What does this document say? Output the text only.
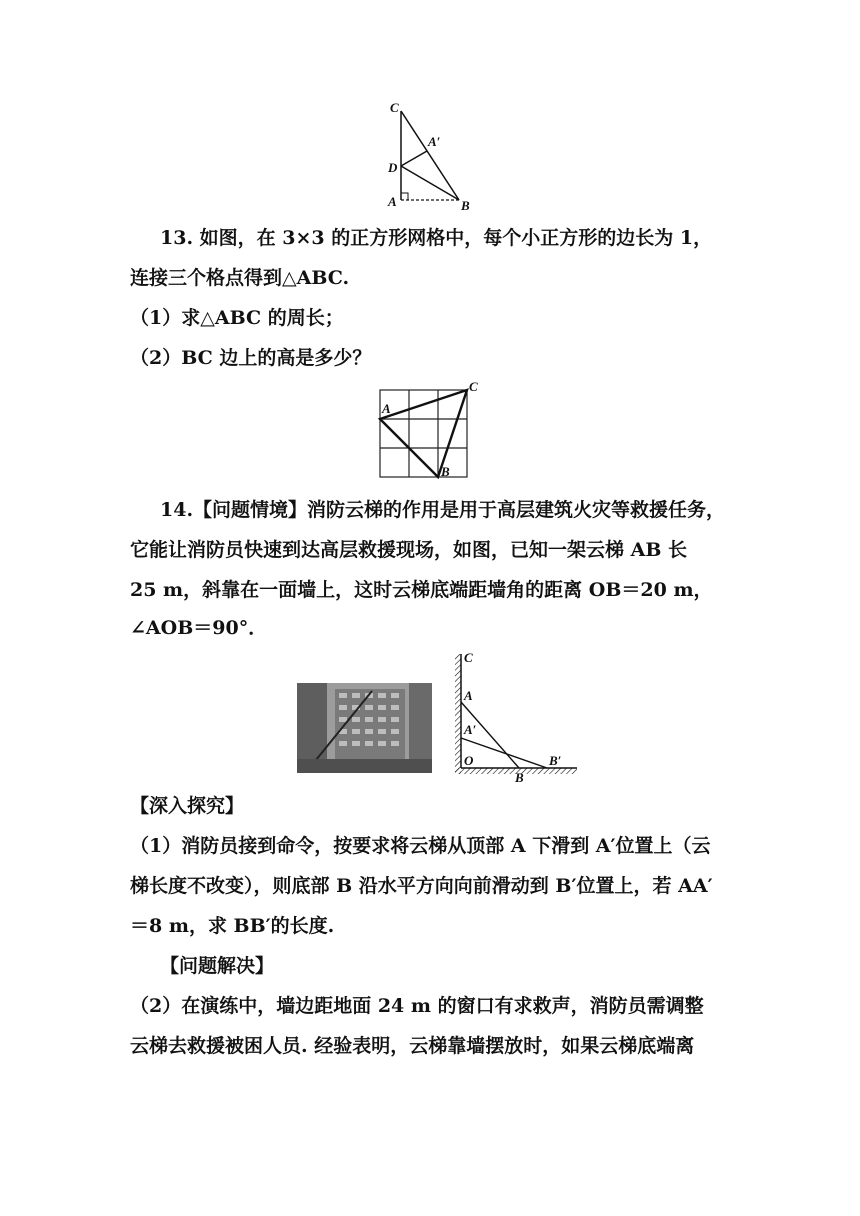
C
A′
D
A	B
13. 如图，在 3×3 的正方形网格中，每个小正方形的边长为 1，
连接三个格点得到△ABC.
（1）求△ABC 的周长；
（2）BC 边上的高是多少？
A
C
B
14.【问题情境】消防云梯的作用是用于高层建筑火灾等救援任务，
它能让消防员快速到达高层救援现场，如图，已知一架云梯 AB 长
25 m，斜靠在一面墙上，这时云梯底端距墙角的距离 OB＝20 m，
∠AOB＝90°．
C
A
A′
O
B
B′
【深入探究】
（1）消防员接到命令，按要求将云梯从顶部 A 下滑到 A′位置上（云
梯长度不改变），则底部 B 沿水平方向向前滑动到 B′位置上，若 AA′
＝8 m，求 BB′的长度.
【问题解决】
（2）在演练中，墙边距地面 24 m 的窗口有求救声，消防员需调整
云梯去救援被困人员. 经验表明，云梯靠墙摆放时，如果云梯底端离
